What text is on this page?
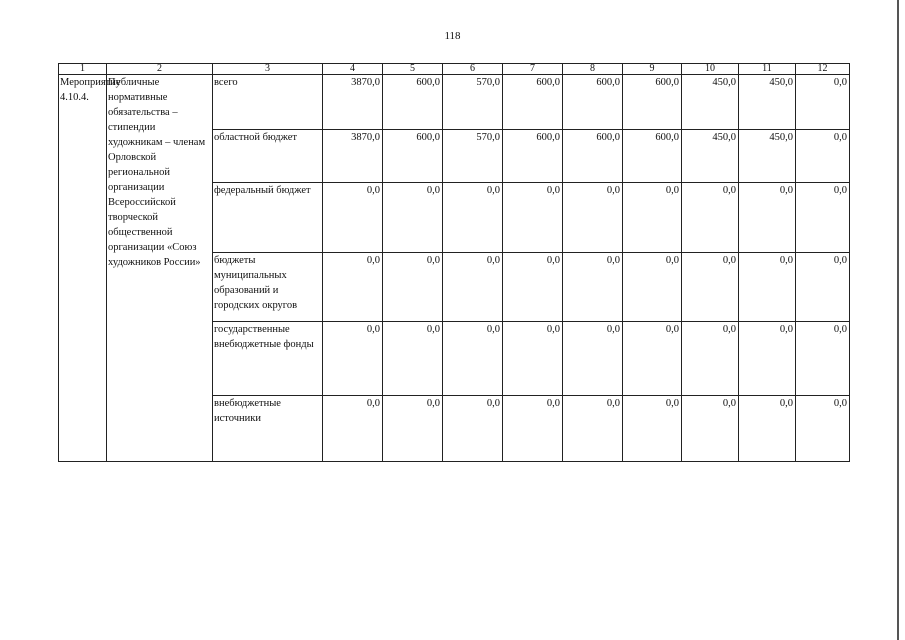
118
1	2	3	4	5	6	7	8	9	10	11	12
Мероприятие 4.10.4.	Публичные нормативные обязательства – стипендии художникам – членам Орловской региональной организации Всероссийской творческой общественной организации «Союз художников России»	всего	3870,0	600,0	570,0	600,0	600,0	600,0	450,0	450,0	0,0
		областной бюджет	3870,0	600,0	570,0	600,0	600,0	600,0	450,0	450,0	0,0
		федеральный бюджет	0,0	0,0	0,0	0,0	0,0	0,0	0,0	0,0	0,0
		бюджеты муниципальных образований и городских округов	0,0	0,0	0,0	0,0	0,0	0,0	0,0	0,0	0,0
		государственные внебюджетные фонды	0,0	0,0	0,0	0,0	0,0	0,0	0,0	0,0	0,0
		внебюджетные источники	0,0	0,0	0,0	0,0	0,0	0,0	0,0	0,0	0,0
